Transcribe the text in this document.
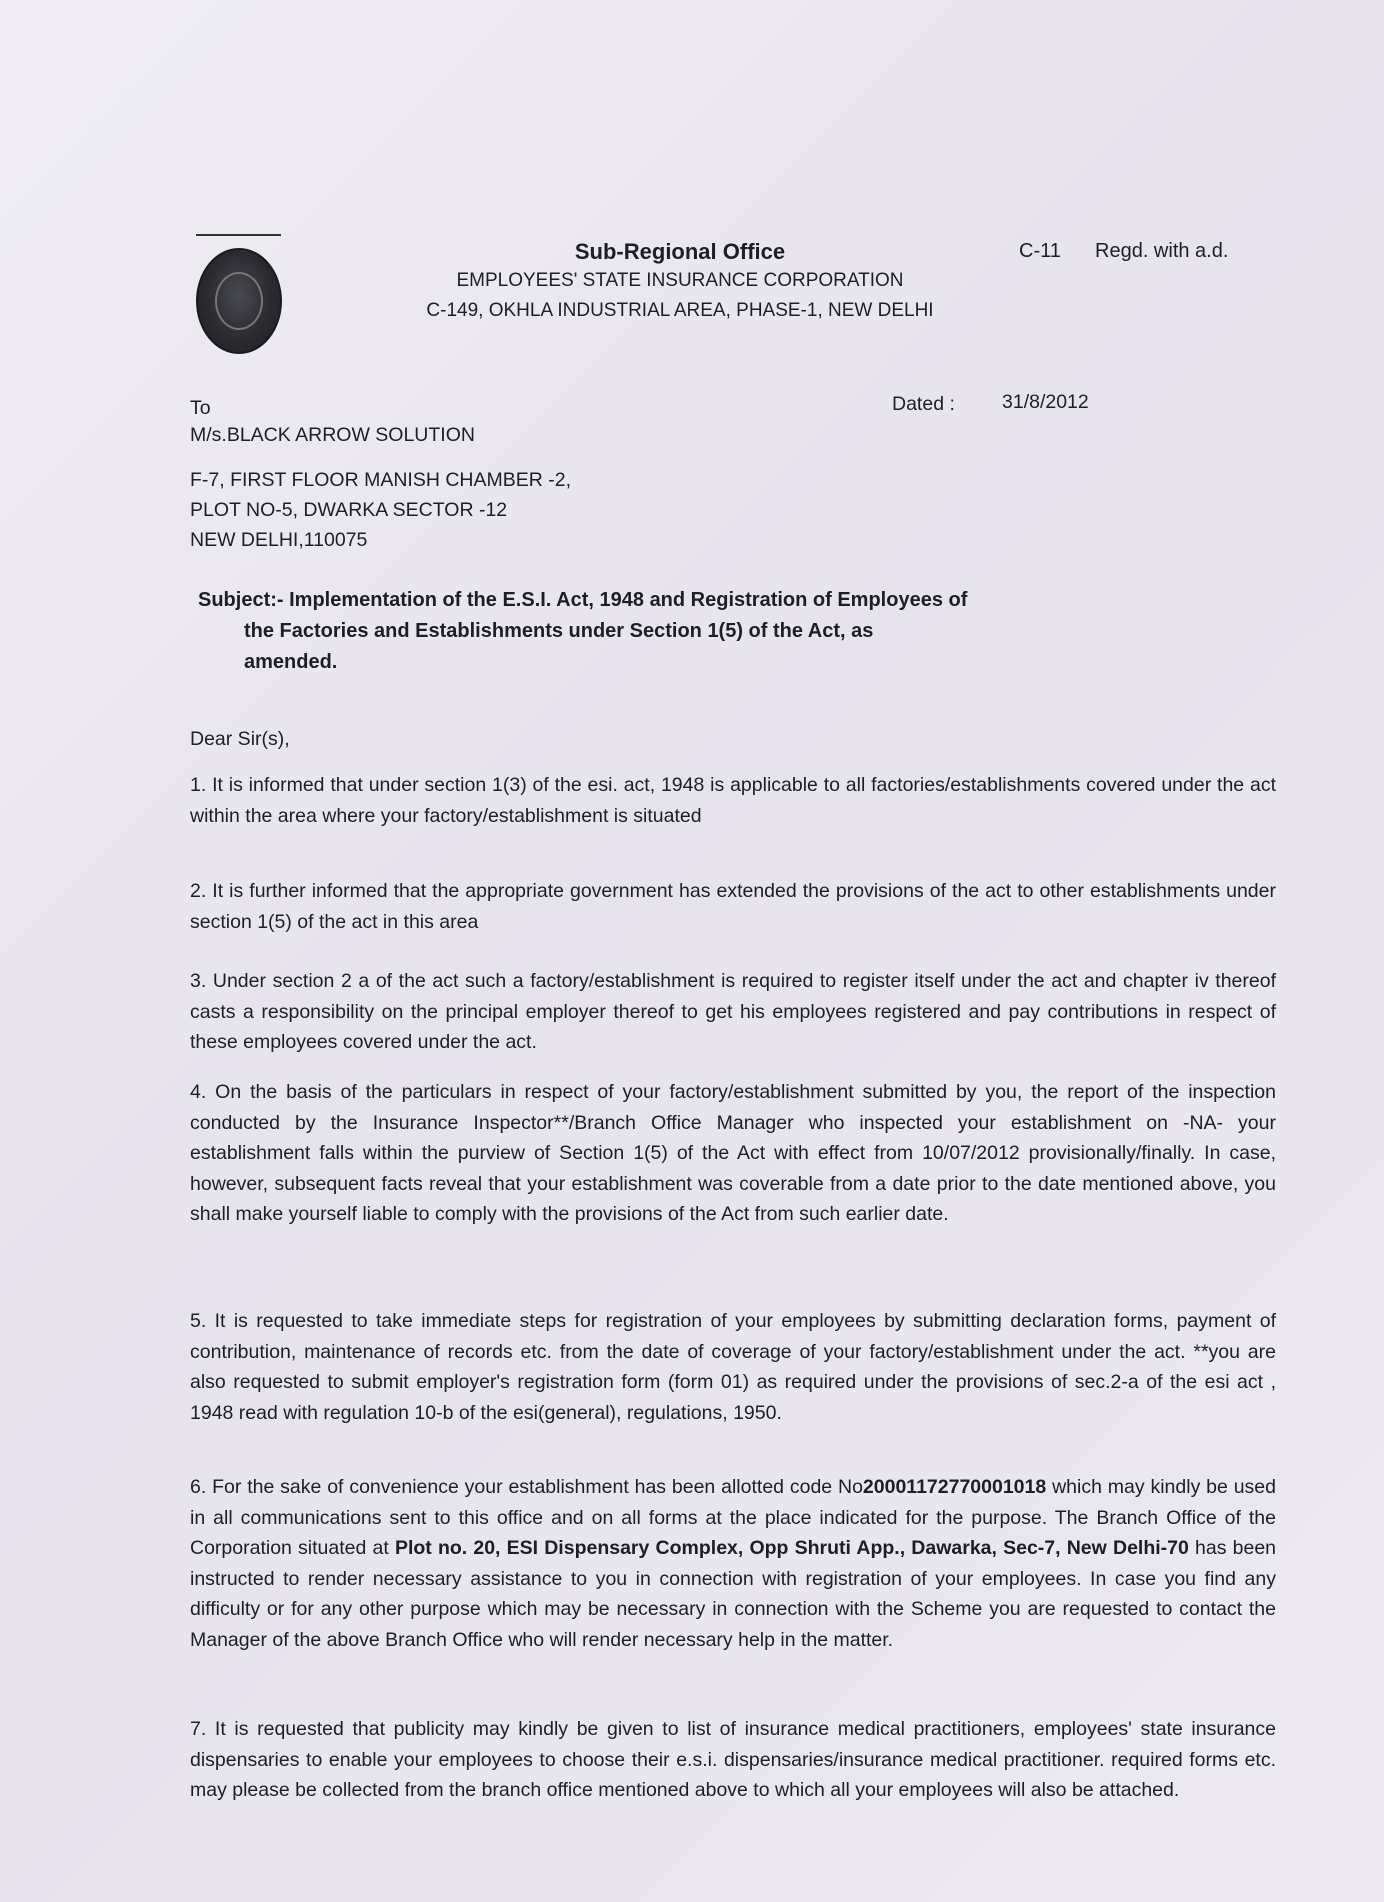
Sub-Regional Office
EMPLOYEES' STATE INSURANCE CORPORATION
C-149, OKHLA INDUSTRIAL AREA, PHASE-1, NEW DELHI
C-11 Regd. with a.d.
To	Dated : 31/8/2012
M/s.BLACK ARROW SOLUTION
F-7, FIRST FLOOR MANISH CHAMBER -2,
PLOT NO-5, DWARKA SECTOR -12
NEW DELHI,110075
Subject:- Implementation of the E.S.I. Act, 1948 and Registration of Employees of
the Factories and Establishments under Section 1(5) of the Act, as
amended.
Dear Sir(s),
1. It is informed that under section 1(3) of the esi. act, 1948 is applicable to all factories/establishments covered under the act within the area where your factory/establishment is situated
2. It is further informed that the appropriate government has extended the provisions of the act to other establishments under section 1(5) of the act in this area
3. Under section 2 a of the act such a factory/establishment is required to register itself under the act and chapter iv thereof casts a responsibility on the principal employer thereof to get his employees registered and pay contributions in respect of these employees covered under the act.
4. On the basis of the particulars in respect of your factory/establishment submitted by you, the report of the inspection conducted by the Insurance Inspector**/Branch Office Manager who inspected your establishment on -NA- your establishment falls within the purview of Section 1(5) of the Act with effect from 10/07/2012 provisionally/finally. In case, however, subsequent facts reveal that your establishment was coverable from a date prior to the date mentioned above, you shall make yourself liable to comply with the provisions of the Act from such earlier date.
5. It is requested to take immediate steps for registration of your employees by submitting declaration forms, payment of contribution, maintenance of records etc. from the date of coverage of your factory/establishment under the act. **you are also requested to submit employer's registration form (form 01) as required under the provisions of sec.2-a of the esi act , 1948 read with regulation 10-b of the esi(general), regulations, 1950.
6. For the sake of convenience your establishment has been allotted code No20001172770001018 which may kindly be used in all communications sent to this office and on all forms at the place indicated for the purpose. The Branch Office of the Corporation situated at Plot no. 20, ESI Dispensary Complex, Opp Shruti App., Dawarka, Sec-7, New Delhi-70 has been instructed to render necessary assistance to you in connection with registration of your employees. In case you find any difficulty or for any other purpose which may be necessary in connection with the Scheme you are requested to contact the Manager of the above Branch Office who will render necessary help in the matter.
7. It is requested that publicity may kindly be given to list of insurance medical practitioners, employees' state insurance dispensaries to enable your employees to choose their e.s.i. dispensaries/insurance medical practitioner. required forms etc. may please be collected from the branch office mentioned above to which all your employees will also be attached.
